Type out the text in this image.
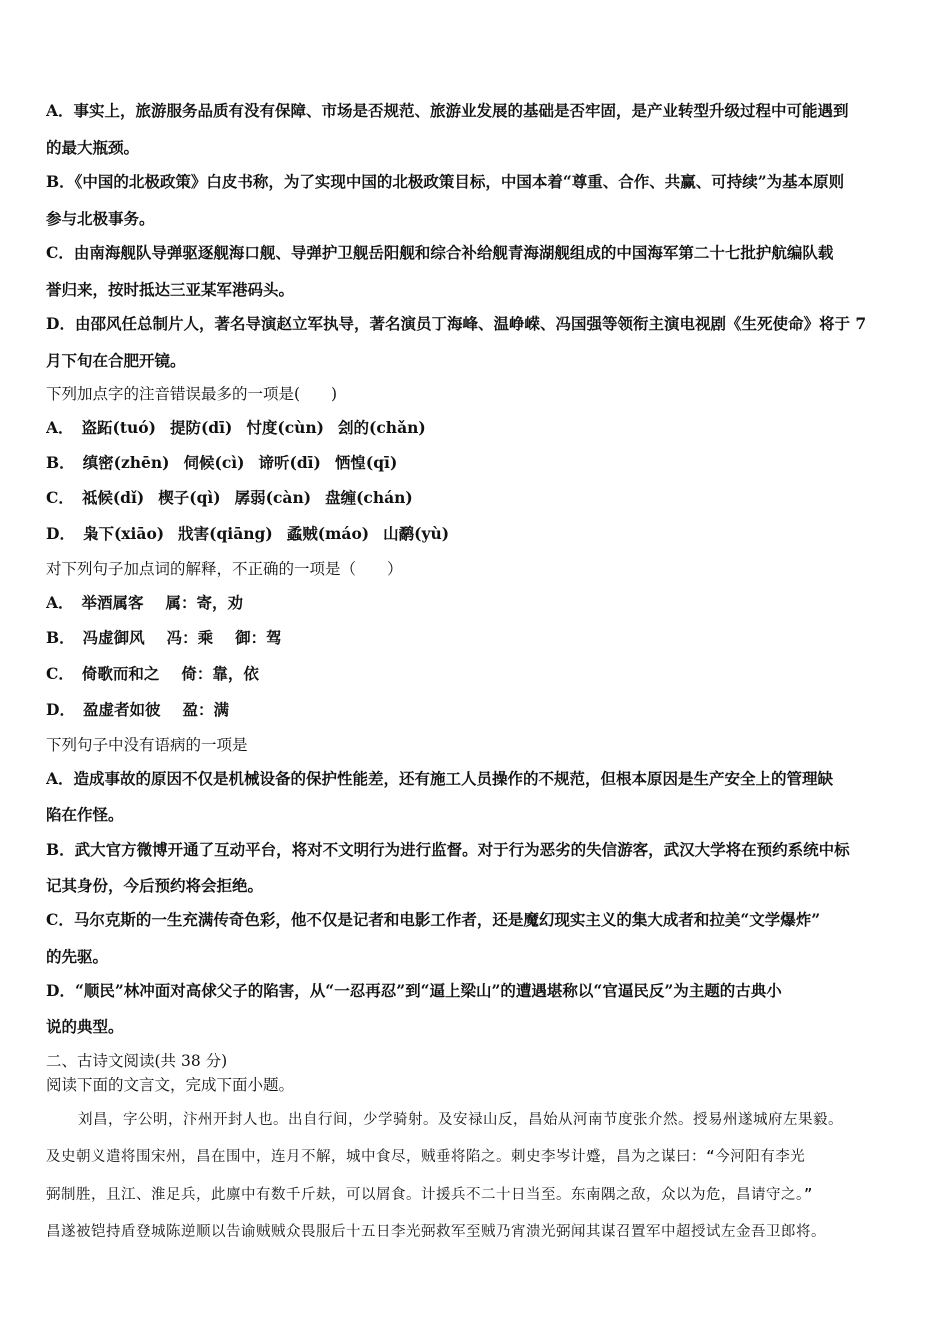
A．事实上，旅游服务品质有没有保障、市场是否规范、旅游业发展的基础是否牢固，是产业转型升级过程中可能遇到
的最大瓶颈。
B．《中国的北极政策》白皮书称，为了实现中国的北极政策目标，中国本着“尊重、合作、共赢、可持续”为基本原则
参与北极事务。
C．由南海舰队导弹驱逐舰海口舰、导弹护卫舰岳阳舰和综合补给舰青海湖舰组成的中国海军第二十七批护航编队载
誉归来，按时抵达三亚某军港码头。
D．由邵风任总制片人，著名导演赵立军执导，著名演员丁海峰、温峥嵘、冯国强等领衔主演电视剧《生死使命》将于 7
月下旬在合肥开镜。
下列加点字的注音错误最多的一项是(　　)
A． 盗跖(tuó) 提防(dī) 忖度(cùn) 刽的(chǎn)
B． 缜密(zhēn) 伺候(cì) 谛听(dī) 恓惶(qī)
C． 祗候(dǐ) 楔子(qì) 孱弱(càn) 盘缠(chán)
D． 枭下(xiāo) 戕害(qiāng) 蟊贼(máo) 山鹬(yù)
对下列句子加点词的解释，不正确的一项是（　　）
A． 举酒属客 属：寄，劝
B． 冯虚御风 冯：乘 御：驾
C． 倚歌而和之 倚：靠，依
D． 盈虚者如彼 盈：满
下列句子中没有语病的一项是
A．造成事故的原因不仅是机械设备的保护性能差，还有施工人员操作的不规范，但根本原因是生产安全上的管理缺
陷在作怪。
B．武大官方微博开通了互动平台，将对不文明行为进行监督。对于行为恶劣的失信游客，武汉大学将在预约系统中标
记其身份，今后预约将会拒绝。
C．马尔克斯的一生充满传奇色彩，他不仅是记者和电影工作者，还是魔幻现实主义的集大成者和拉美“文学爆炸”
的先驱。
D．“顺民”林冲面对高俅父子的陷害，从“一忍再忍”到“逼上梁山”的遭遇堪称以“官逼民反”为主题的古典小
说的典型。
二、古诗文阅读(共 38 分)
阅读下面的文言文，完成下面小题。
刘昌，字公明，汴州开封人也。出自行间，少学骑射。及安禄山反，昌始从河南节度张介然。授易州遂城府左果毅。
及史朝义遣将围宋州，昌在围中，连月不解，城中食尽，贼垂将陷之。刺史李岑计蹙，昌为之谋曰：“今河阳有李光
弼制胜，且江、淮足兵，此廪中有数千斤麸，可以屑食。计援兵不二十日当至。东南隅之敌，众以为危，昌请守之。”
昌遂被铠持盾登城陈逆顺以告谕贼贼众畏服后十五日李光弼救军至贼乃宵溃光弼闻其谋召置军中超授试左金吾卫郎将。
